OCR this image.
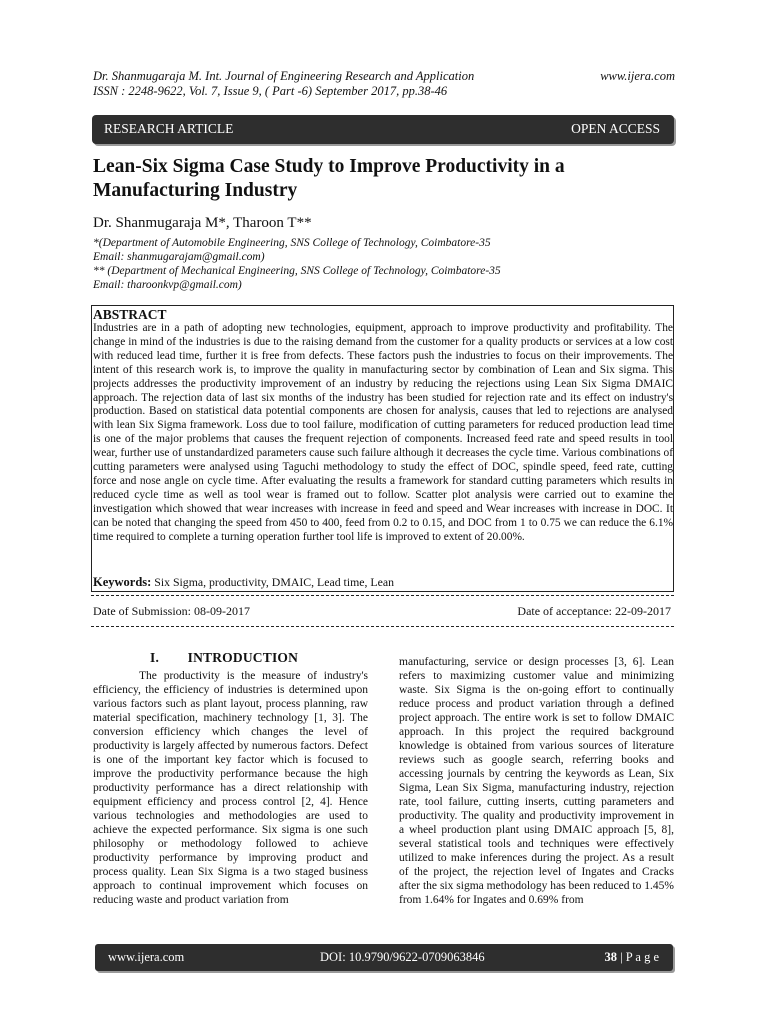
Dr. Shanmugaraja M. Int. Journal of Engineering Research and Application	www.ijera.com
ISSN : 2248-9622, Vol. 7, Issue 9, ( Part -6) September 2017, pp.38-46
RESEARCH ARTICLE	OPEN ACCESS
Lean-Six Sigma Case Study to Improve Productivity in a
Manufacturing Industry
Dr. Shanmugaraja M*, Tharoon T**
*(Department of Automobile Engineering, SNS College of Technology, Coimbatore-35
Email: shanmugarajam@gmail.com)
** (Department of Mechanical Engineering, SNS College of Technology, Coimbatore-35
Email: tharoonkvp@gmail.com)
ABSTRACT
Industries are in a path of adopting new technologies, equipment, approach to improve productivity and profitability. The change in mind of the industries is due to the raising demand from the customer for a quality products or services at a low cost with reduced lead time, further it is free from defects. These factors push the industries to focus on their improvements. The intent of this research work is, to improve the quality in manufacturing sector by combination of Lean and Six sigma. This projects addresses the productivity improvement of an industry by reducing the rejections using Lean Six Sigma DMAIC approach. The rejection data of last six months of the industry has been studied for rejection rate and its effect on industry's production. Based on statistical data potential components are chosen for analysis, causes that led to rejections are analysed with lean Six Sigma framework. Loss due to tool failure, modification of cutting parameters for reduced production lead time is one of the major problems that causes the frequent rejection of components. Increased feed rate and speed results in tool wear, further use of unstandardized parameters cause such failure although it decreases the cycle time. Various combinations of cutting parameters were analysed using Taguchi methodology to study the effect of DOC, spindle speed, feed rate, cutting force and nose angle on cycle time. After evaluating the results a framework for standard cutting parameters which results in reduced cycle time as well as tool wear is framed out to follow. Scatter plot analysis were carried out to examine the investigation which showed that wear increases with increase in feed and speed and Wear increases with increase in DOC. It can be noted that changing the speed from 450 to 400, feed from 0.2 to 0.15, and DOC from 1 to 0.75 we can reduce the 6.1% time required to complete a turning operation further tool life is improved to extent of 20.00%.
Keywords: Six Sigma, productivity, DMAIC, Lead time, Lean
Date of Submission: 08-09-2017	Date of acceptance: 22-09-2017
I.        INTRODUCTION
The productivity is the measure of industry's efficiency, the efficiency of industries is determined upon various factors such as plant layout, process planning, raw material specification, machinery technology [1, 3]. The conversion efficiency which changes the level of productivity is largely affected by numerous factors. Defect is one of the important key factor which is focused to improve the productivity performance because the high productivity performance has a direct relationship with equipment efficiency and process control [2, 4]. Hence various technologies and methodologies are used to achieve the expected performance. Six sigma is one such philosophy or methodology followed to achieve productivity performance by improving product and process quality. Lean Six Sigma is a two staged business approach to continual improvement which focuses on reducing waste and product variation from
manufacturing, service or design processes [3, 6]. Lean refers to maximizing customer value and minimizing waste. Six Sigma is the on-going effort to continually reduce process and product variation through a defined project approach. The entire work is set to follow DMAIC approach. In this project the required background knowledge is obtained from various sources of literature reviews such as google search, referring books and accessing journals by centring the keywords as Lean, Six Sigma, Lean Six Sigma, manufacturing industry, rejection rate, tool failure, cutting inserts, cutting parameters and productivity. The quality and productivity improvement in a wheel production plant using DMAIC approach [5, 8], several statistical tools and techniques were effectively utilized to make inferences during the project. As a result of the project, the rejection level of Ingates and Cracks after the six sigma methodology has been reduced to 1.45% from 1.64% for Ingates and 0.69% from
www.ijera.com	DOI: 10.9790/9622-0709063846	38 | P a g e
